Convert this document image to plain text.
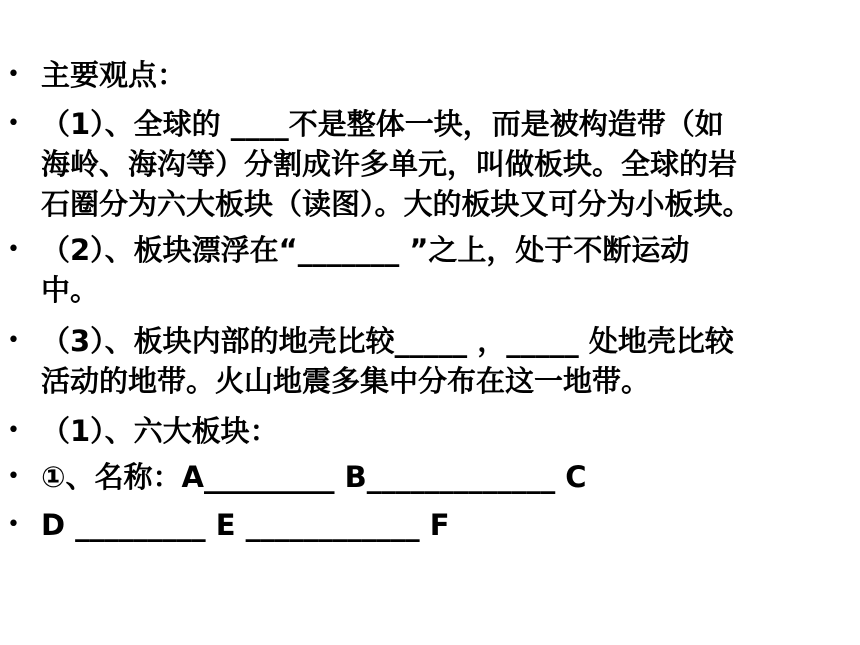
• 主要观点：
• （1）、全球的 ____不是整体一块，而是被构造带（如
海岭、海沟等）分割成许多单元，叫做板块。全球的岩
石圈分为六大板块（读图）。大的板块又可分为小板块。
• （2）、板块漂浮在“_______ ”之上，处于不断运动
中。
• （3）、板块内部的地壳比较_____ ，_____ 处地壳比较
活动的地带。火山地震多集中分布在这一地带。
• （1）、六大板块：
• ①、名称：A_________ B_____________ C
• D _________ E ____________ F
